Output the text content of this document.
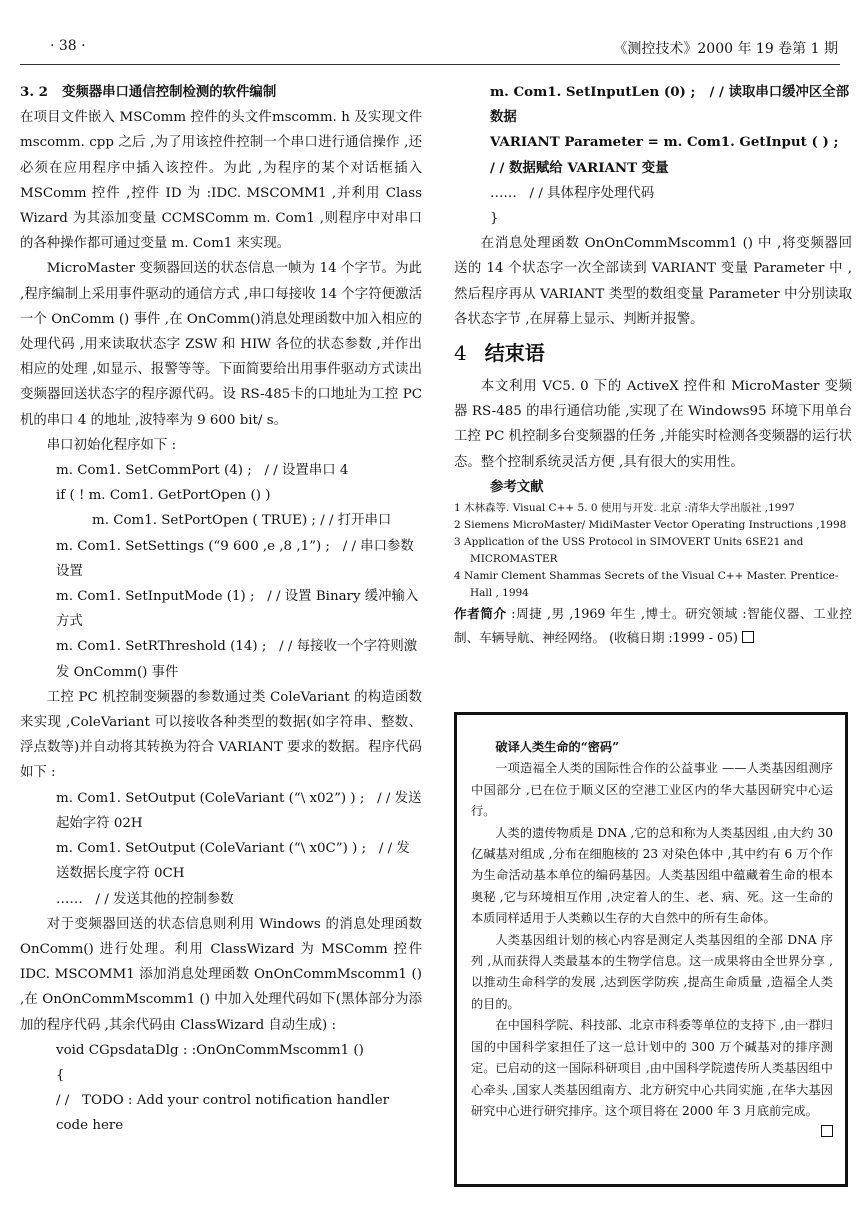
· 38 ·	《测控技术》2000 年 19 卷第 1 期

3. 2 变频器串口通信控制检测的软件编制

在项目文件嵌入 MSComm 控件的头文件mscomm. h 及实现文件 mscomm. cpp 之后 ,为了用该控件控制一个串口进行通信操作 ,还必须在应用程序中插入该控件。为此 ,为程序的某个对话框插入 MSComm 控件 ,控件 ID 为 :IDC. MSCOMM1 ,并利用 Class Wizard 为其添加变量 CCMSComm m. Com1 ,则程序中对串口的各种操作都可通过变量 m. Com1 来实现。

MicroMaster 变频器回送的状态信息一帧为 14 个字节。为此 ,程序编制上采用事件驱动的通信方式 ,串口每接收 14 个字符便激活一个 OnComm () 事件 ,在 OnComm()消息处理函数中加入相应的处理代码 ,用来读取状态字 ZSW 和 HIW 各位的状态参数 ,并作出相应的处理 ,如显示、报警等等。下面简要给出用事件驱动方式读出变频器回送状态字的程序源代码。设 RS-485卡的口地址为工控 PC 机的串口 4 的地址 ,波特率为 9 600 bit/ s。

串口初始化程序如下 :

m. Com1. SetCommPort (4) ;   / / 设置串口 4

if ( ! m. Com1. GetPortOpen () )

m. Com1. SetPortOpen ( TRUE) ; / / 打开串口

m. Com1. SetSettings (“9 600 ,e ,8 ,1”) ;   / / 串口参数设置

m. Com1. SetInputMode (1) ;   / / 设置 Binary 缓冲输入方式

m. Com1. SetRThreshold (14) ;   / / 每接收一个字符则激发 OnComm() 事件

工控 PC 机控制变频器的参数通过类 ColeVariant 的构造函数来实现 ,ColeVariant 可以接收各种类型的数据(如字符串、整数、浮点数等)并自动将其转换为符合 VARIANT 要求的数据。程序代码如下 :

m. Com1. SetOutput (ColeVariant (“\ x02”) ) ;   / / 发送起始字符 02H

m. Com1. SetOutput (ColeVariant (“\ x0C”) ) ;   / / 发送数据长度字符 0CH

……   / / 发送其他的控制参数

对于变频器回送的状态信息则利用 Windows 的消息处理函数 OnComm() 进行处理。利用 ClassWizard 为 MSComm 控件 IDC. MSCOMM1 添加消息处理函数 OnOnCommMscomm1 () ,在 OnOnCommMscomm1 () 中加入处理代码如下(黑体部分为添加的程序代码 ,其余代码由 ClassWizard 自动生成) :

void CGpsdataDlg : :OnOnCommMscomm1 ()

{

/ /   TODO : Add your control notification handler code here

m. Com1. SetInputLen (0) ;   / / 读取串口缓冲区全部数据

VARIANT Parameter = m. Com1. GetInput ( ) ;   / / 数据赋给 VARIANT 变量

……   / / 具体程序处理代码

}

在消息处理函数 OnOnCommMscomm1 () 中 ,将变频器回送的 14 个状态字一次全部读到 VARIANT 变量 Parameter 中 ,然后程序再从 VARIANT 类型的数组变量 Parameter 中分别读取各状态字节 ,在屏幕上显示、判断并报警。

4 结束语

本文利用 VC5. 0 下的 ActiveX 控件和 MicroMaster 变频器 RS-485 的串行通信功能 ,实现了在 Windows95 环境下用单台工控 PC 机控制多台变频器的任务 ,并能实时检测各变频器的运行状态。整个控制系统灵活方便 ,具有很大的实用性。

参考文献

1 木林森等. Visual C++ 5. 0 使用与开发. 北京 :清华大学出版社 ,1997
2 Siemens MicroMaster/ MidiMaster Vector Operating Instructions ,1998
3 Application of the USS Protocol in SIMOVERT Units 6SE21 and MICROMASTER
4 Namir Clement Shammas Secrets of the Visual C++ Master. Prentice-Hall , 1994

作者简介 :周捷 ,男 ,1969 年生 ,博士。研究领域 :智能仪器、工业控制、车辆导航、神经网络。 (收稿日期 :1999 - 05)

破译人类生命的“密码”

一项造福全人类的国际性合作的公益事业 ——人类基因组测序中国部分 ,已在位于顺义区的空港工业区内的华大基因研究中心运行。

人类的遗传物质是 DNA ,它的总和称为人类基因组 ,由大约 30 亿碱基对组成 ,分布在细胞核的 23 对染色体中 ,其中约有 6 万个作为生命活动基本单位的编码基因。人类基因组中蕴藏着生命的根本奥秘 ,它与环境相互作用 ,决定着人的生、老、病、死。这一生命的本质同样适用于人类赖以生存的大自然中的所有生命体。

人类基因组计划的核心内容是测定人类基因组的全部 DNA 序列 ,从而获得人类最基本的生物学信息。这一成果将由全世界分享 ,以推动生命科学的发展 ,达到医学防疾 ,提高生命质量 ,造福全人类的目的。

在中国科学院、科技部、北京市科委等单位的支持下 ,由一群归国的中国科学家担任了这一总计划中的 300 万个碱基对的排序测定。已启动的这一国际科研项目 ,由中国科学院遗传所人类基因组中心牵头 ,国家人类基因组南方、北方研究中心共同实施 ,在华大基因研究中心进行研究排序。这个项目将在 2000 年 3 月底前完成。
